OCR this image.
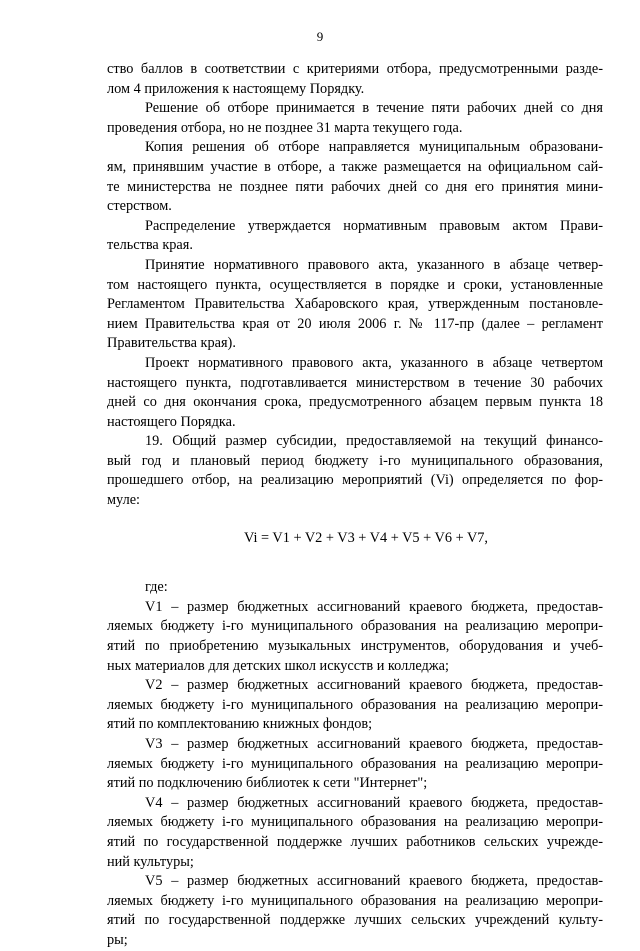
9
ство баллов в соответствии с критериями отбора, предусмотренными разде-
лом 4 приложения к настоящему Порядку.
Решение об отборе принимается в течение пяти рабочих дней со дня
проведения отбора, но не позднее 31 марта текущего года.
Копия решения об отборе направляется муниципальным образовани-
ям, принявшим участие в отборе, а также размещается на официальном сай-
те министерства не позднее пяти рабочих дней со дня его принятия мини-
стерством.
Распределение утверждается нормативным правовым актом Прави-
тельства края.
Принятие нормативного правового акта, указанного в абзаце четвер-
том настоящего пункта, осуществляется в порядке и сроки, установленные
Регламентом Правительства Хабаровского края, утвержденным постановле-
нием Правительства края от 20 июля 2006 г. № 117-пр (далее – регламент
Правительства края).
Проект нормативного правового акта, указанного в абзаце четвертом
настоящего пункта, подготавливается министерством в течение 30 рабочих
дней со дня окончания срока, предусмотренного абзацем первым пункта 18
настоящего Порядка.
19. Общий размер субсидии, предоставляемой на текущий финансо-
вый год и плановый период бюджету i-го муниципального образования,
прошедшего отбор, на реализацию мероприятий (Vi) определяется по фор-
муле:
Vi = V1 + V2 + V3 + V4 + V5 + V6 + V7,
где:
V1 – размер бюджетных ассигнований краевого бюджета, предостав-
ляемых бюджету i-го муниципального образования на реализацию меропри-
ятий по приобретению музыкальных инструментов, оборудования и учеб-
ных материалов для детских школ искусств и колледжа;
V2 – размер бюджетных ассигнований краевого бюджета, предостав-
ляемых бюджету i-го муниципального образования на реализацию меропри-
ятий по комплектованию книжных фондов;
V3 – размер бюджетных ассигнований краевого бюджета, предостав-
ляемых бюджету i-го муниципального образования на реализацию меропри-
ятий по подключению библиотек к сети "Интернет";
V4 – размер бюджетных ассигнований краевого бюджета, предостав-
ляемых бюджету i-го муниципального образования на реализацию меропри-
ятий по государственной поддержке лучших работников сельских учрежде-
ний культуры;
V5 – размер бюджетных ассигнований краевого бюджета, предостав-
ляемых бюджету i-го муниципального образования на реализацию меропри-
ятий по государственной поддержке лучших сельских учреждений культу-
ры;
